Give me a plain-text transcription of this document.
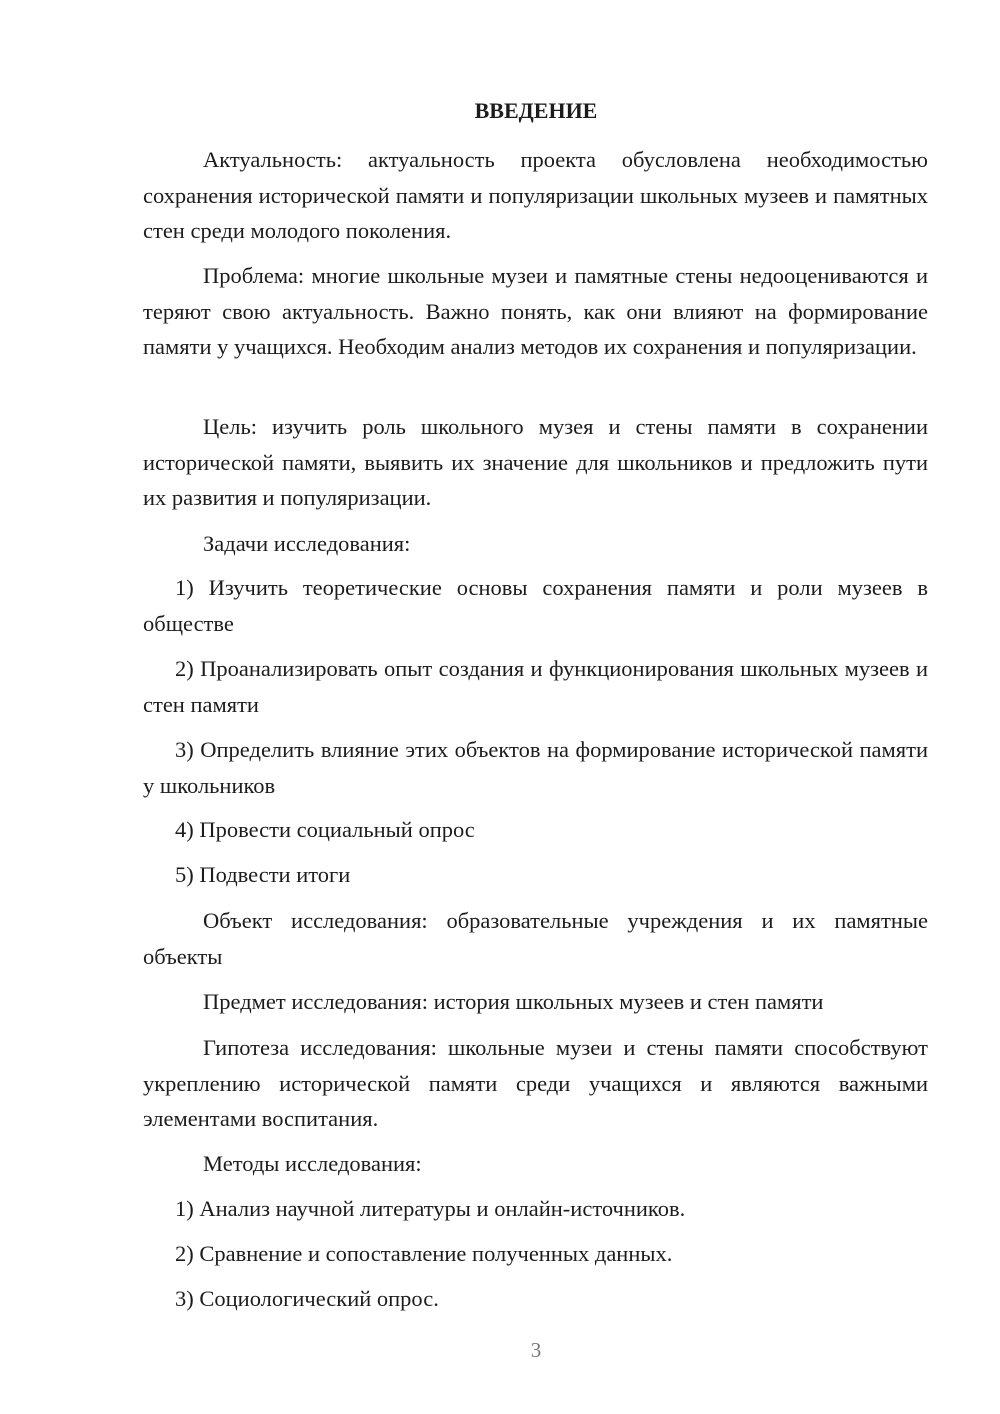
ВВЕДЕНИЕ

Актуальность: актуальность проекта обусловлена необходимостью сохранения исторической памяти и популяризации школьных музеев и памятных стен среди молодого поколения.

Проблема: многие школьные музеи и памятные стены недооцениваются и теряют свою актуальность. Важно понять, как они влияют на формирование памяти у учащихся. Необходим анализ методов их сохранения и популяризации.

Цель: изучить роль школьного музея и стены памяти в сохранении исторической памяти, выявить их значение для школьников и предложить пути их развития и популяризации.

Задачи исследования:

1) Изучить теоретические основы сохранения памяти и роли музеев в обществе

2) Проанализировать опыт создания и функционирования школьных музеев и стен памяти

3) Определить влияние этих объектов на формирование исторической памяти у школьников

4) Провести социальный опрос

5) Подвести итоги

Объект исследования: образовательные учреждения и их памятные объекты

Предмет исследования: история школьных музеев и стен памяти

Гипотеза исследования: школьные музеи и стены памяти способствуют укреплению исторической памяти среди учащихся и являются важными элементами воспитания.

Методы исследования:

1) Анализ научной литературы и онлайн-источников.

2) Сравнение и сопоставление полученных данных.

3) Социологический опрос.

3
